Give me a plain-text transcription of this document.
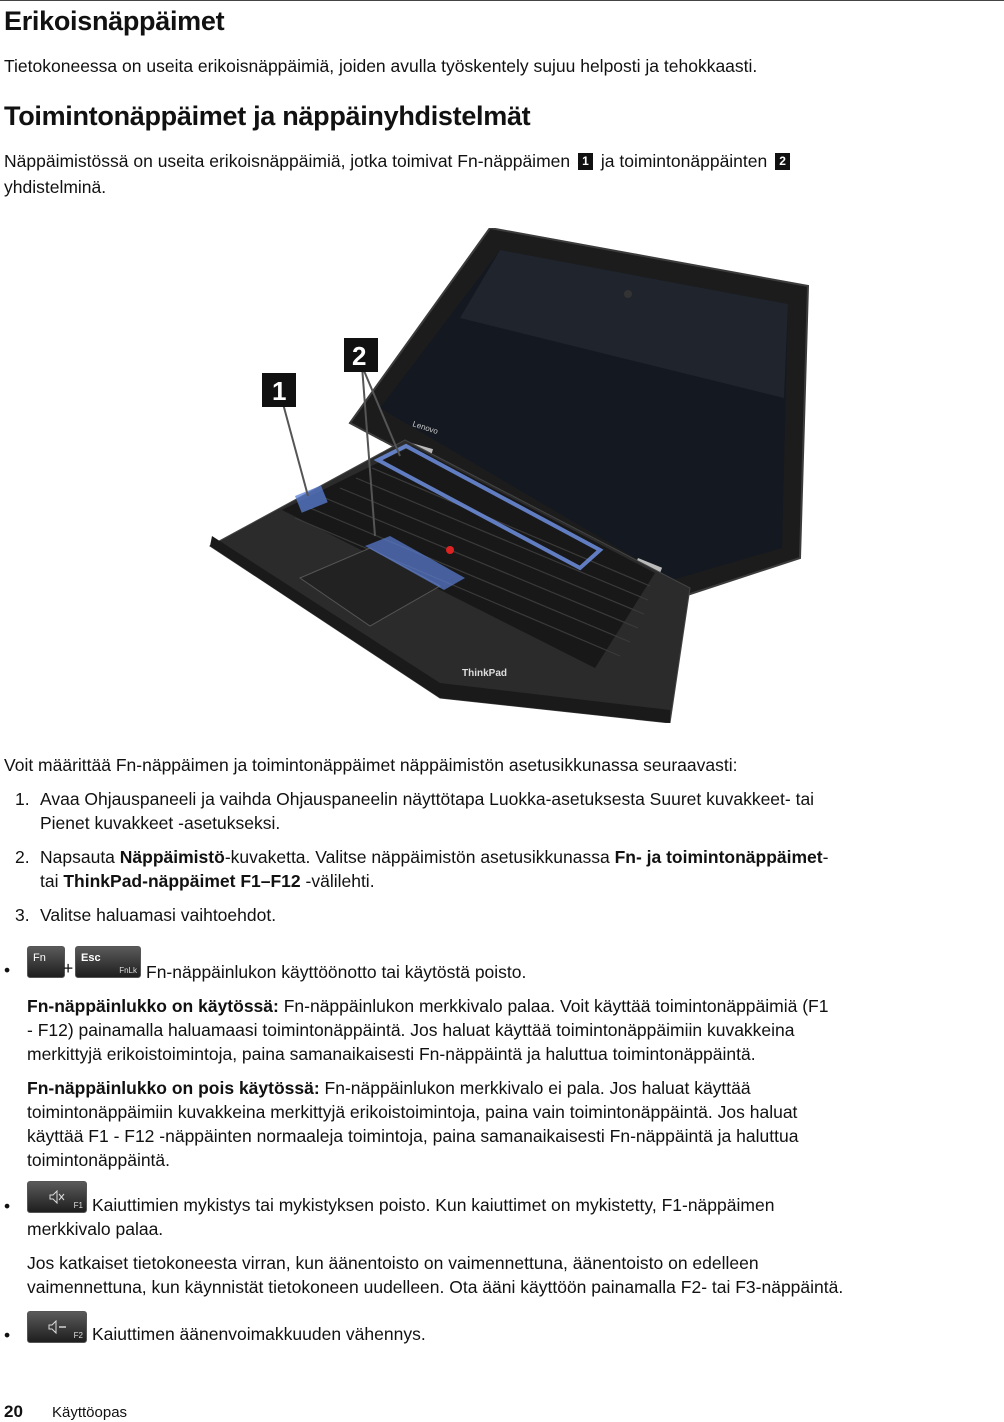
Erikoisnäppäimet
Tietokoneessa on useita erikoisnäppäimiä, joiden avulla työskentely sujuu helposti ja tehokkaasti.
Toimintonäppäimet ja näppäinyhdistelmät
Näppäimistössä on useita erikoisnäppäimiä, jotka toimivat Fn-näppäimen 1 ja toimintonäppäinten 2
yhdistelminä.
Lenovo
ThinkPad
1
2
Voit määrittää Fn-näppäimen ja toimintonäppäimet näppäimistön asetusikkunassa seuraavasti:
1. Avaa Ohjauspaneeli ja vaihda Ohjauspaneelin näyttötapa Luokka-asetuksesta Suuret kuvakkeet- tai
Pienet kuvakkeet -asetukseksi.
2. Napsauta Näppäimistö-kuvaketta. Valitse näppäimistön asetusikkunassa Fn- ja toimintonäppäimet-
tai ThinkPad-näppäimet F1–F12 -välilehti.
3. Valitse haluamasi vaihtoehdot.
•
Fn + Esc
FnLk Fn-näppäinlukon käyttöönotto tai käytöstä poisto.
Fn-näppäinlukko on käytössä: Fn-näppäinlukon merkkivalo palaa. Voit käyttää toimintonäppäimiä (F1
- F12) painamalla haluamaasi toimintonäppäintä. Jos haluat käyttää toimintonäppäimiin kuvakkeina
merkittyjä erikoistoimintoja, paina samanaikaisesti Fn-näppäintä ja haluttua toimintonäppäintä.
Fn-näppäinlukko on pois käytössä: Fn-näppäinlukon merkkivalo ei pala. Jos haluat käyttää
toimintonäppäimiin kuvakkeina merkittyjä erikoistoimintoja, paina vain toimintonäppäintä. Jos haluat
käyttää F1 - F12 -näppäinten normaaleja toimintoja, paina samanaikaisesti Fn-näppäintä ja haluttua
toimintonäppäintä.
•	F1 Kaiuttimien mykistys tai mykistyksen poisto. Kun kaiuttimet on mykistetty, F1-näppäimen
merkkivalo palaa.
Jos katkaiset tietokoneesta virran, kun äänentoisto on vaimennettuna, äänentoisto on edelleen
vaimennettuna, kun käynnistät tietokoneen uudelleen. Ota ääni käyttöön painamalla F2- tai F3-näppäintä.
•	F2 Kaiuttimen äänenvoimakkuuden vähennys.
20 Käyttöopas
